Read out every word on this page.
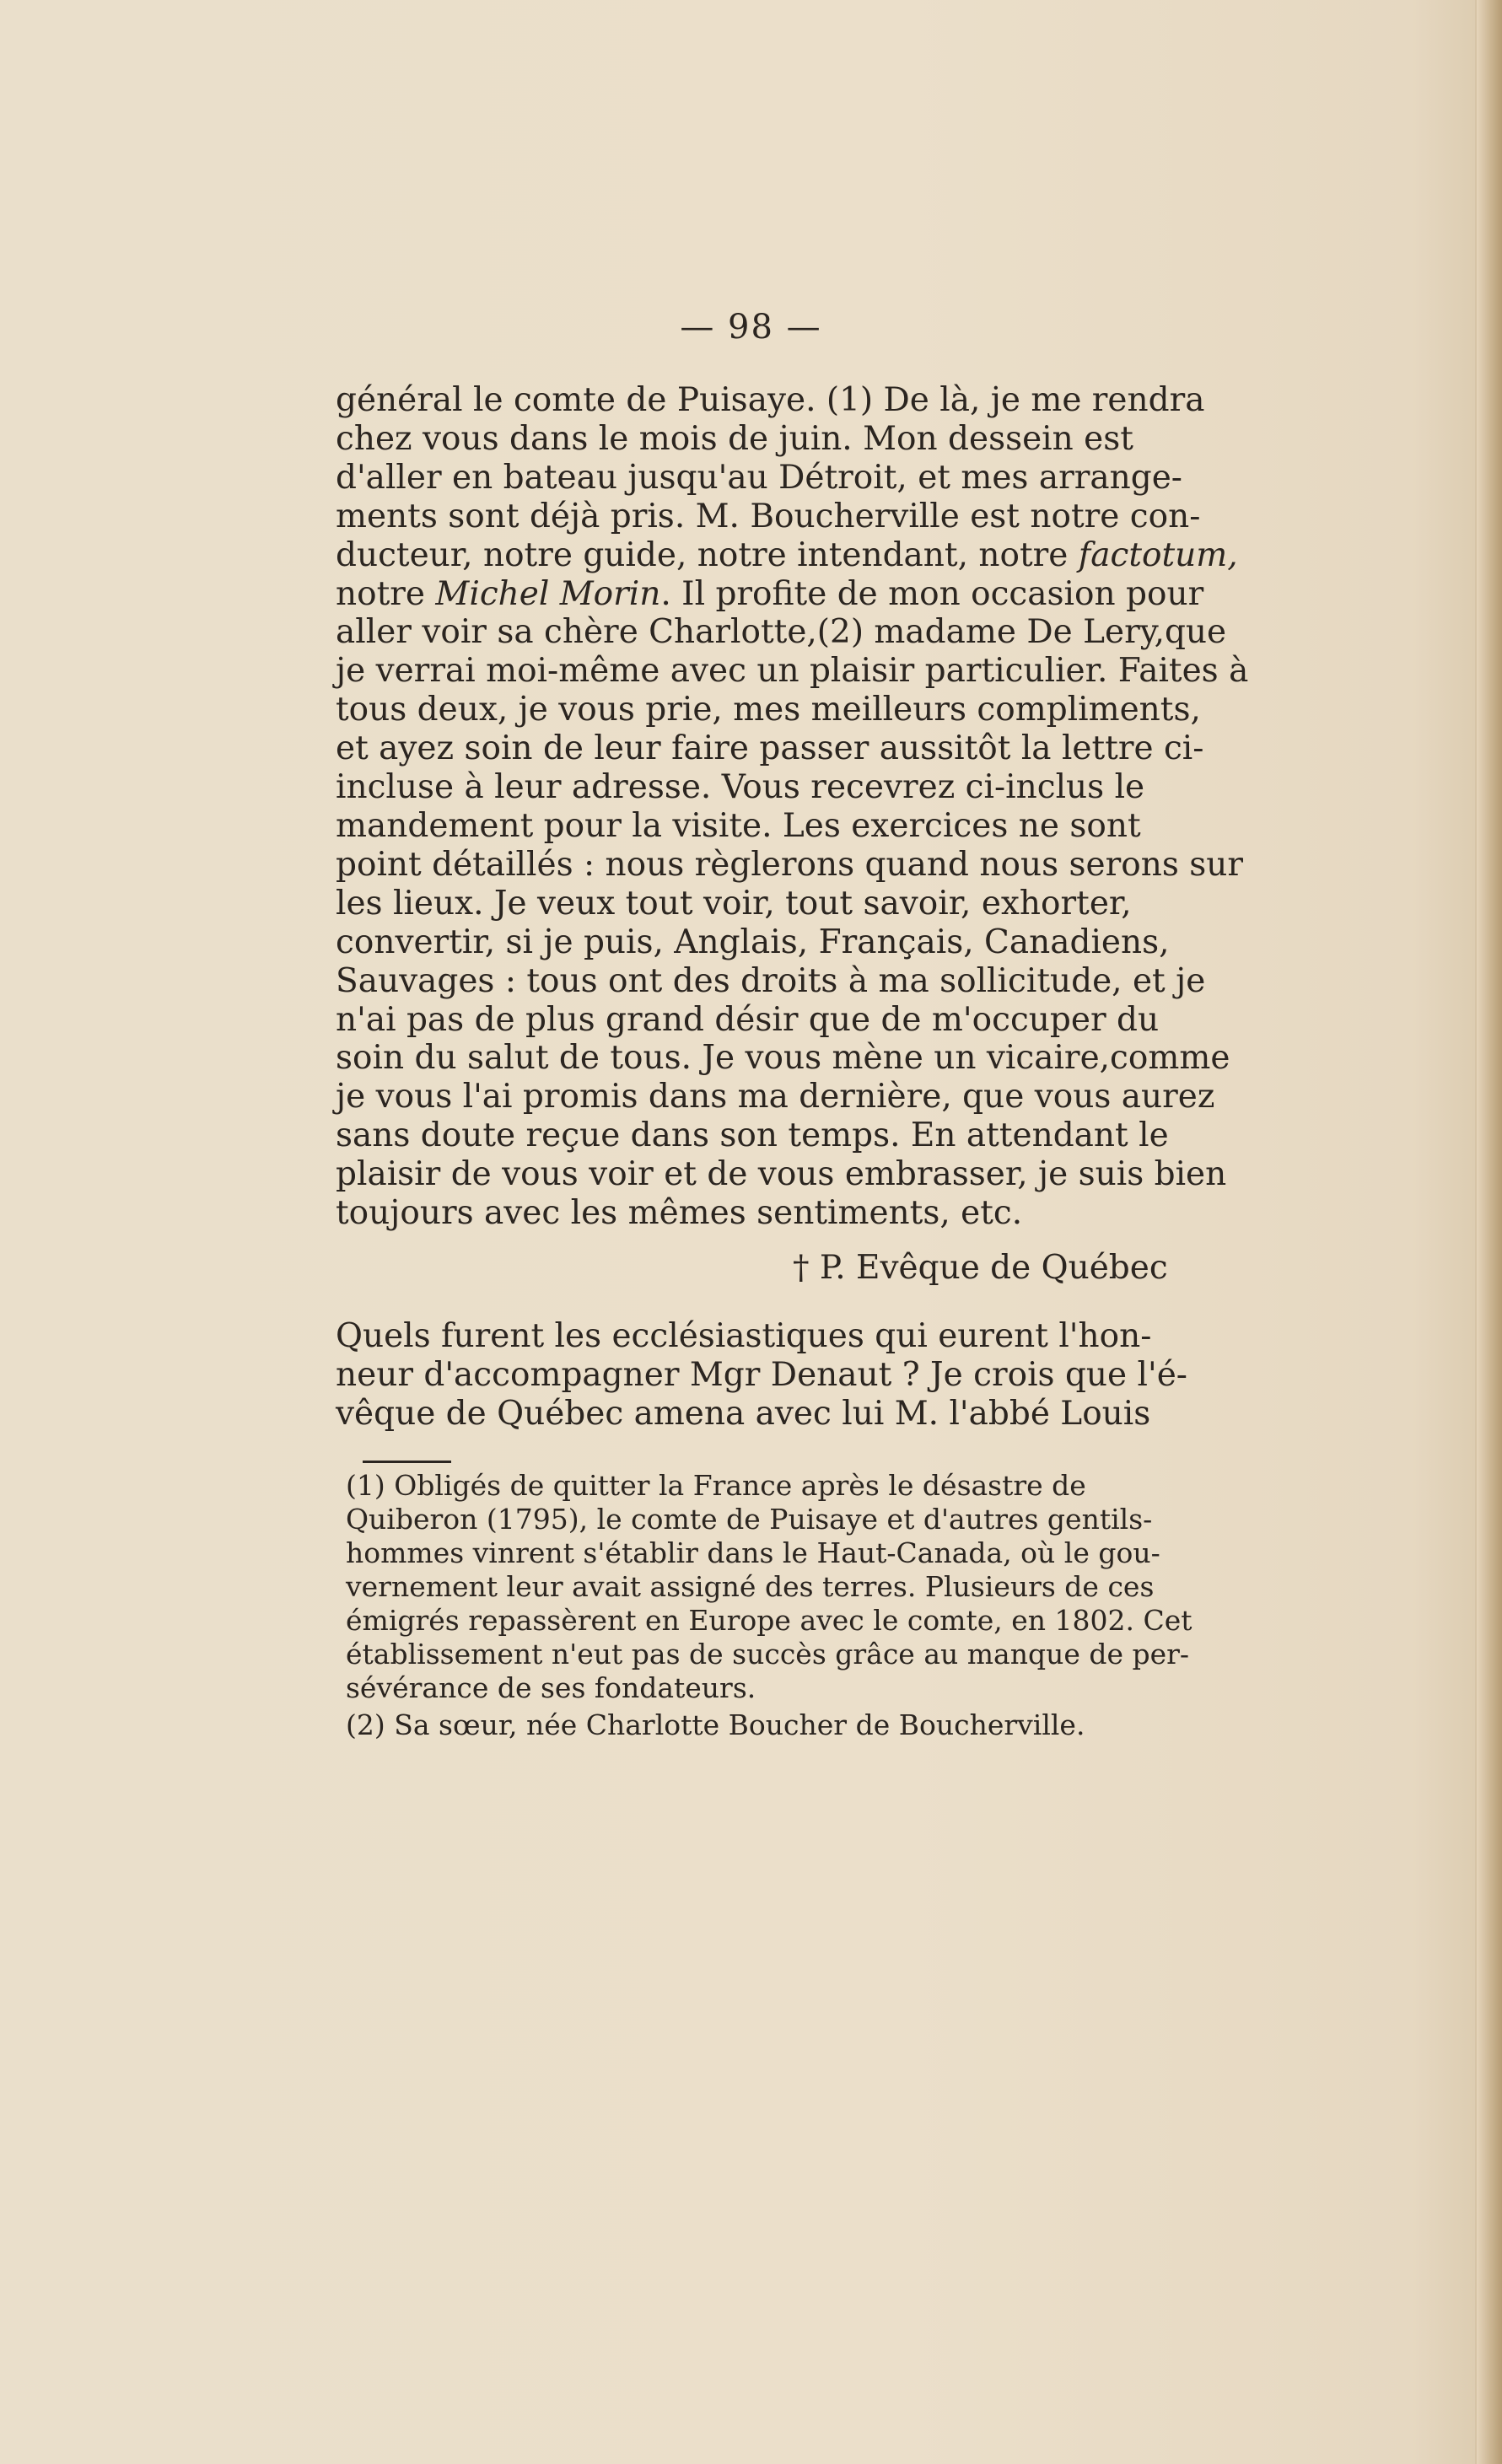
— 98 —
général le comte de Puisaye. (1) De là, je me rendra
chez vous dans le mois de juin. Mon dessein est
d'aller en bateau jusqu'au Détroit, et mes arrange-
ments sont déjà pris. M. Boucherville est notre con-
ducteur, notre guide, notre intendant, notre factotum,
notre Michel Morin. Il profite de mon occasion pour
aller voir sa chère Charlotte,(2) madame De Lery,que
je verrai moi-même avec un plaisir particulier. Faites à
tous deux, je vous prie, mes meilleurs compliments,
et ayez soin de leur faire passer aussitôt la lettre ci-
incluse à leur adresse. Vous recevrez ci-inclus le
mandement pour la visite. Les exercices ne sont
point détaillés : nous règlerons quand nous serons sur
les lieux. Je veux tout voir, tout savoir, exhorter,
convertir, si je puis, Anglais, Français, Canadiens,
Sauvages : tous ont des droits à ma sollicitude, et je
n'ai pas de plus grand désir que de m'occuper du
soin du salut de tous. Je vous mène un vicaire,comme
je vous l'ai promis dans ma dernière, que vous aurez
sans doute reçue dans son temps. En attendant le
plaisir de vous voir et de vous embrasser, je suis bien
toujours avec les mêmes sentiments, etc.
† P. Evêque de Québec
Quels furent les ecclésiastiques qui eurent l'hon-
neur d'accompagner Mgr Denaut ? Je crois que l'é-
vêque de Québec amena avec lui M. l'abbé Louis
(1) Obligés de quitter la France après le désastre de
Quiberon (1795), le comte de Puisaye et d'autres gentils-
hommes vinrent s'établir dans le Haut-Canada, où le gou-
vernement leur avait assigné des terres. Plusieurs de ces
émigrés repassèrent en Europe avec le comte, en 1802. Cet
établissement n'eut pas de succès grâce au manque de per-
sévérance de ses fondateurs.
(2) Sa sœur, née Charlotte Boucher de Boucherville.
